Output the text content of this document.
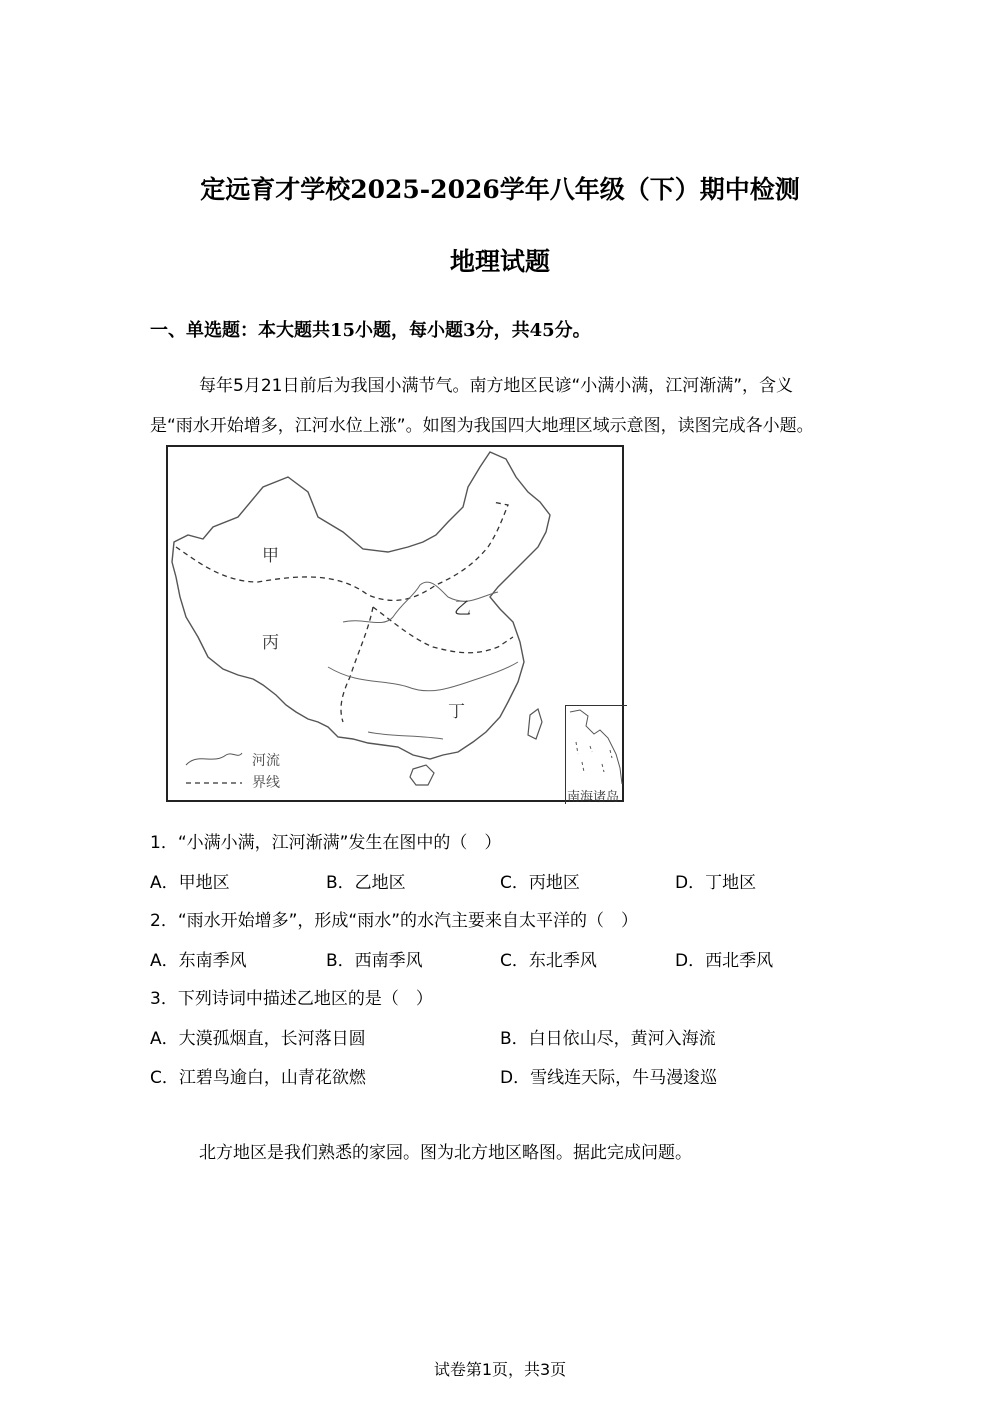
定远育才学校2025-2026学年八年级（下）期中检测
地理试题
一、单选题：本大题共15小题，每小题3分，共45分。
每年5月21日前后为我国小满节气。南方地区民谚“小满小满，江河渐满”，含义
是“雨水开始增多，江河水位上涨”。如图为我国四大地理区域示意图，读图完成各小题。
甲
乙
丙
丁
河流
界线
南海诸岛
1．“小满小满，江河渐满”发生在图中的（　）
A．甲地区	B．乙地区	C．丙地区	D．丁地区
2．“雨水开始增多”，形成“雨水”的水汽主要来自太平洋的（　）
A．东南季风	B．西南季风	C．东北季风	D．西北季风
3．下列诗词中描述乙地区的是（　）
A．大漠孤烟直，长河落日圆	B．白日依山尽，黄河入海流
C．江碧鸟逾白，山青花欲燃	D．雪线连天际，牛马漫逡巡
北方地区是我们熟悉的家园。图为北方地区略图。据此完成问题。
试卷第1页，共3页
